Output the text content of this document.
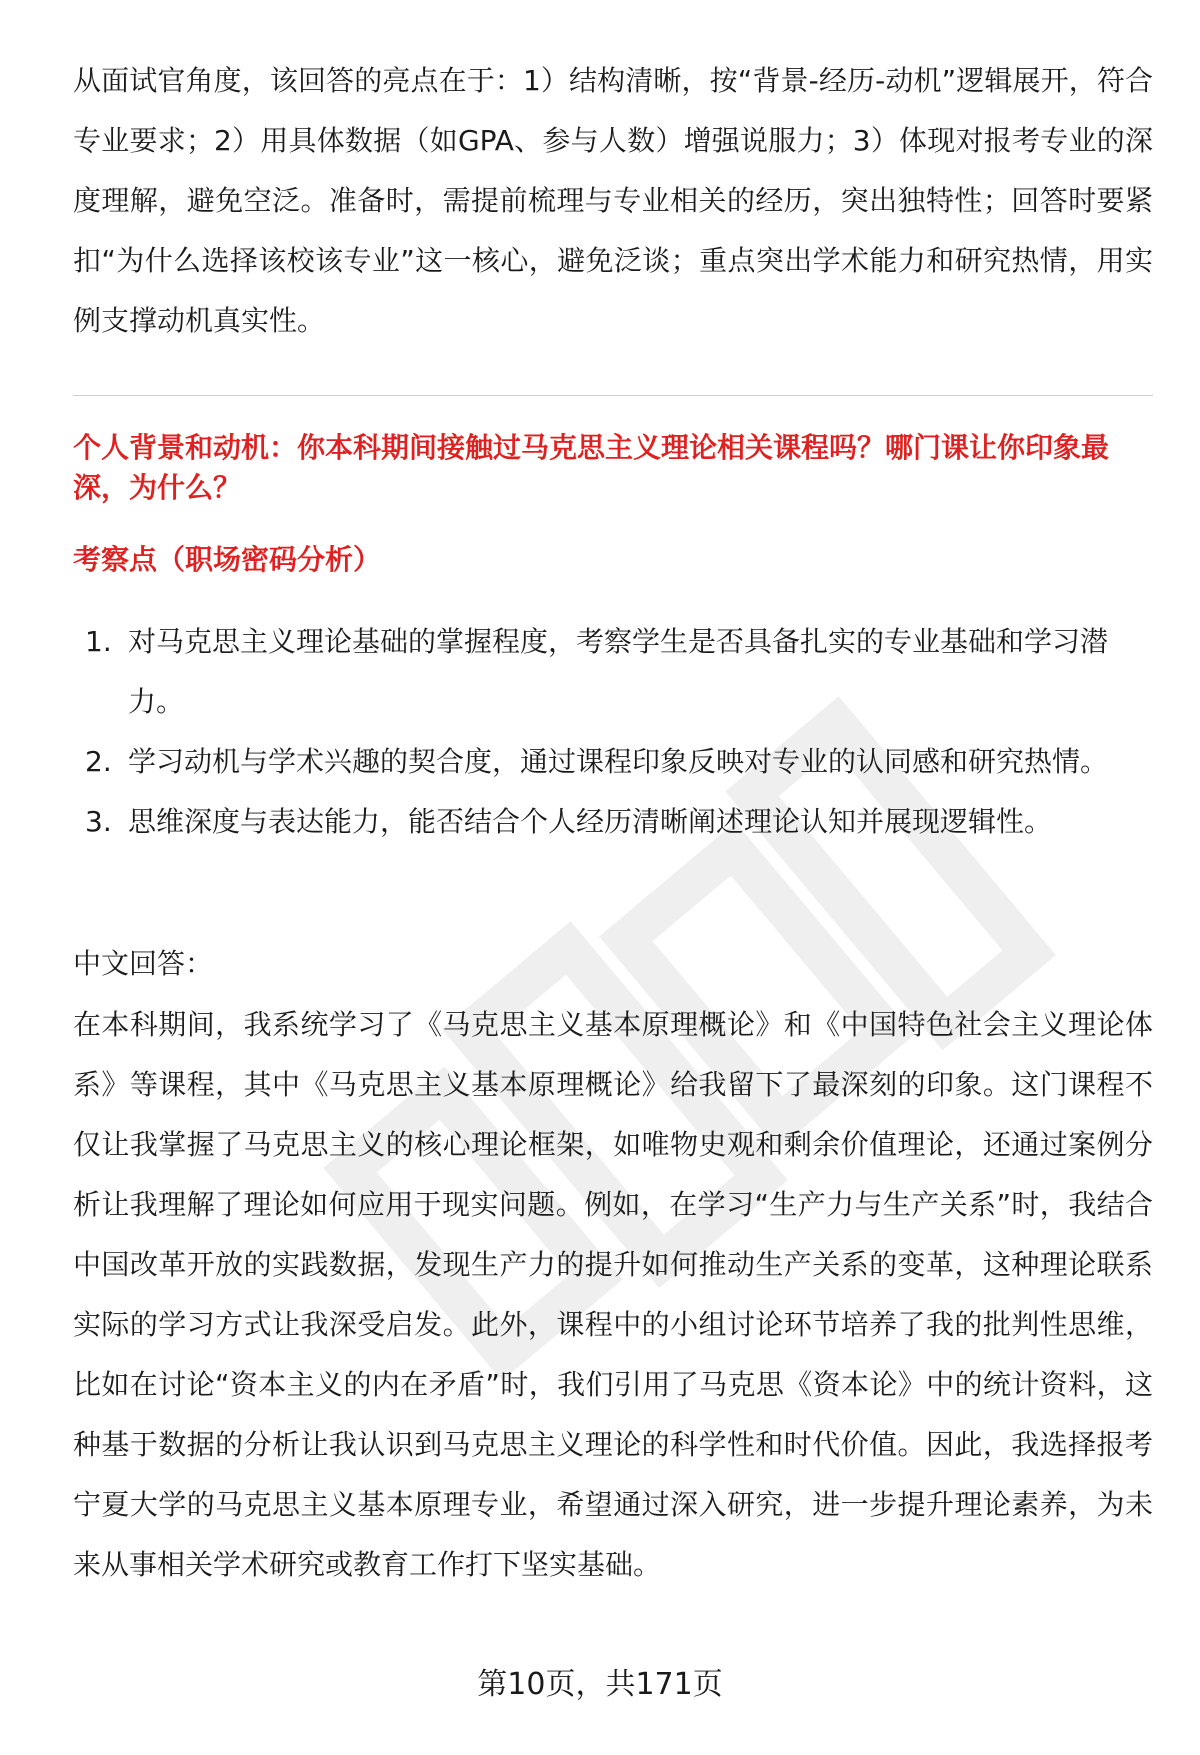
从面试官角度，该回答的亮点在于：1）结构清晰，按“背景-经历-动机”逻辑展开，符合专业要求；2）用具体数据（如GPA、参与人数）增强说服力；3）体现对报考专业的深度理解，避免空泛。准备时，需提前梳理与专业相关的经历，突出独特性；回答时要紧扣“为什么选择该校该专业”这一核心，避免泛谈；重点突出学术能力和研究热情，用实例支撑动机真实性。

个人背景和动机：你本科期间接触过马克思主义理论相关课程吗？哪门课让你印象最深，为什么？

考察点（职场密码分析）

1. 对马克思主义理论基础的掌握程度，考察学生是否具备扎实的专业基础和学习潜力。
2. 学习动机与学术兴趣的契合度，通过课程印象反映对专业的认同感和研究热情。
3. 思维深度与表达能力，能否结合个人经历清晰阐述理论认知并展现逻辑性。

中文回答：

在本科期间，我系统学习了《马克思主义基本原理概论》和《中国特色社会主义理论体系》等课程，其中《马克思主义基本原理概论》给我留下了最深刻的印象。这门课程不仅让我掌握了马克思主义的核心理论框架，如唯物史观和剩余价值理论，还通过案例分析让我理解了理论如何应用于现实问题。例如，在学习“生产力与生产关系”时，我结合中国改革开放的实践数据，发现生产力的提升如何推动生产关系的变革，这种理论联系实际的学习方式让我深受启发。此外，课程中的小组讨论环节培养了我的批判性思维，比如在讨论“资本主义的内在矛盾”时，我们引用了马克思《资本论》中的统计资料，这种基于数据的分析让我认识到马克思主义理论的科学性和时代价值。因此，我选择报考宁夏大学的马克思主义基本原理专业，希望通过深入研究，进一步提升理论素养，为未来从事相关学术研究或教育工作打下坚实基础。

第10页，共171页
